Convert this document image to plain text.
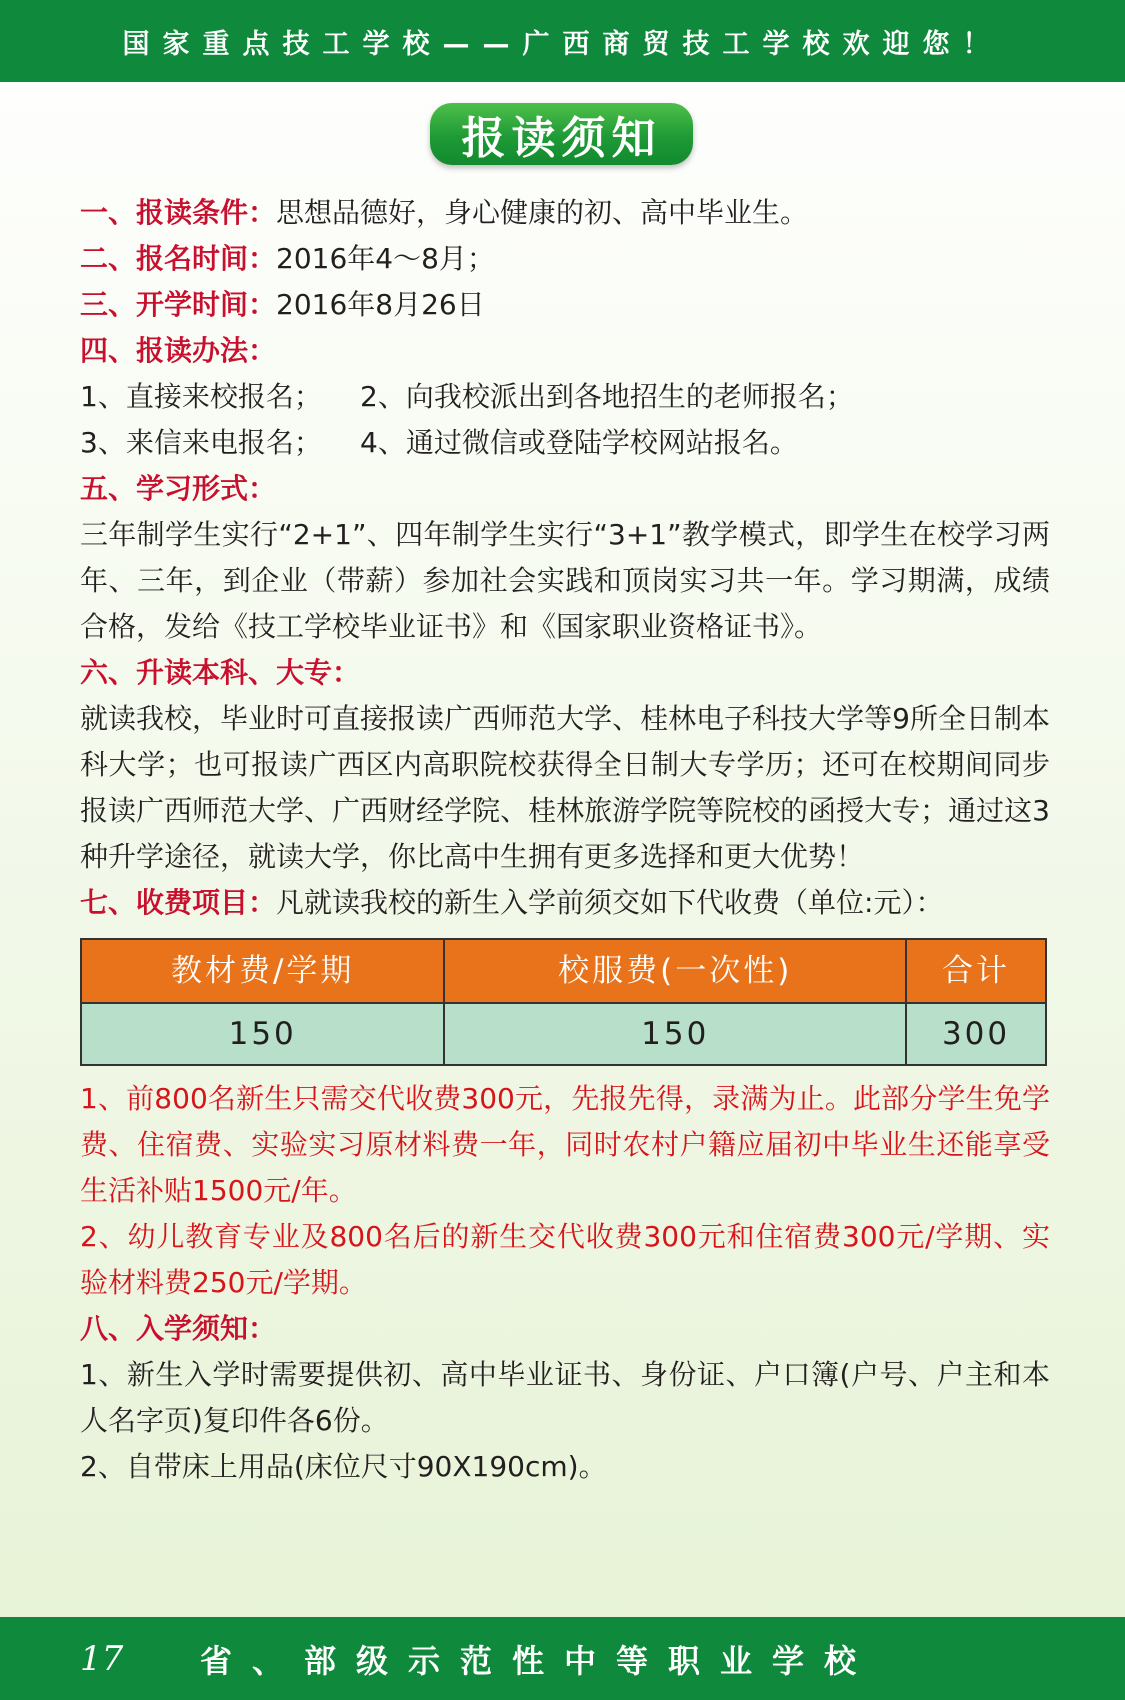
国家重点技工学校——广西商贸技工学校欢迎您！
报读须知
一、报读条件：思想品德好，身心健康的初、高中毕业生。
二、报名时间：2016年4～8月；
三、开学时间：2016年8月26日
四、报读办法：
1、直接来校报名；	2、向我校派出到各地招生的老师报名；
3、来信来电报名；	4、通过微信或登陆学校网站报名。
五、学习形式：
三年制学生实行“2+1”、四年制学生实行“3+1”教学模式，即学生在校学习两年、三年，到企业（带薪）参加社会实践和顶岗实习共一年。学习期满，成绩合格，发给《技工学校毕业证书》和《国家职业资格证书》。
六、升读本科、大专：
就读我校，毕业时可直接报读广西师范大学、桂林电子科技大学等9所全日制本科大学；也可报读广西区内高职院校获得全日制大专学历；还可在校期间同步报读广西师范大学、广西财经学院、桂林旅游学院等院校的函授大专；通过这3种升学途径，就读大学，你比高中生拥有更多选择和更大优势！
七、收费项目：凡就读我校的新生入学前须交如下代收费（单位:元）：
教材费/学期	校服费(一次性)	合计
150	150	300
1、前800名新生只需交代收费300元，先报先得，录满为止。此部分学生免学费、住宿费、实验实习原材料费一年，同时农村户籍应届初中毕业生还能享受生活补贴1500元/年。
2、幼儿教育专业及800名后的新生交代收费300元和住宿费300元/学期、实验材料费250元/学期。
八、入学须知：
1、新生入学时需要提供初、高中毕业证书、身份证、户口簿(户号、户主和本人名字页)复印件各6份。
2、自带床上用品(床位尺寸90X190cm)。
17	省、部级示范性中等职业学校
